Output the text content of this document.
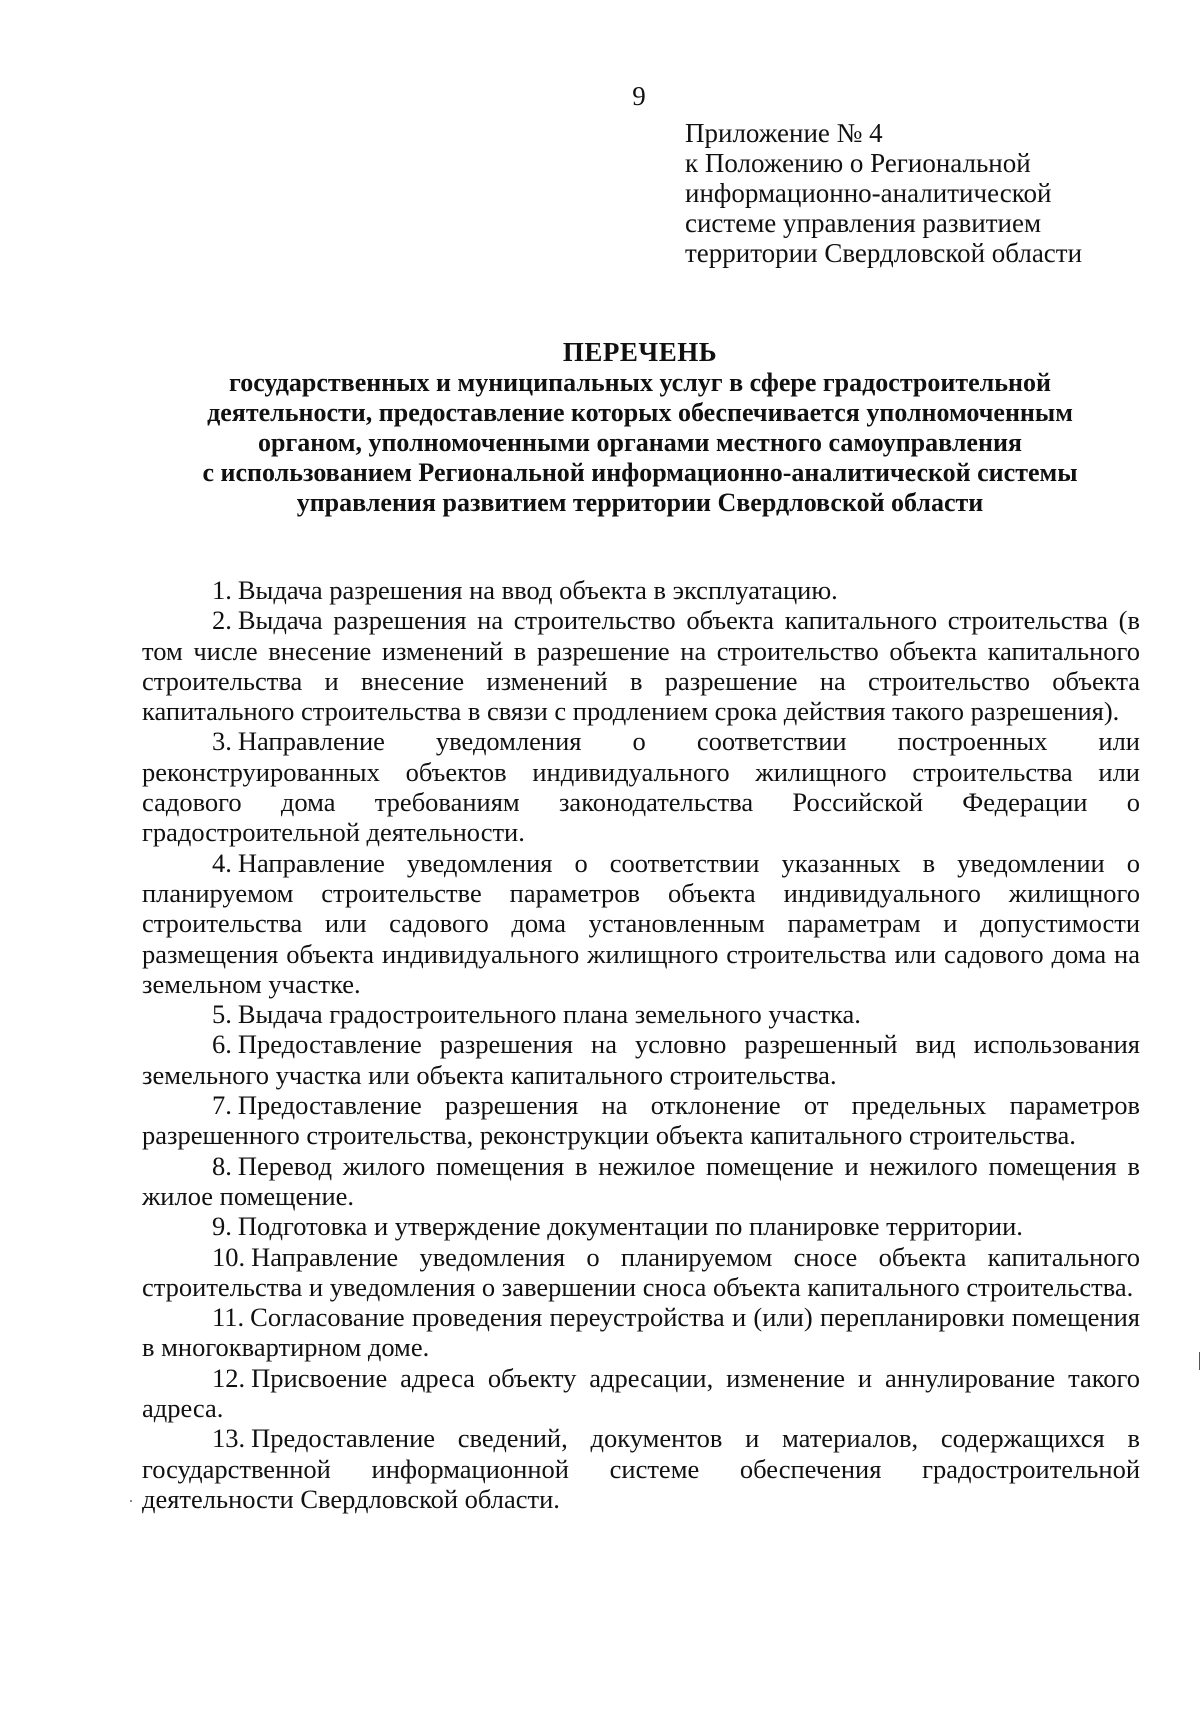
9
Приложение № 4
к Положению о Региональной
информационно-аналитической
системе управления развитием
территории Свердловской области
ПЕРЕЧЕНЬ
государственных и муниципальных услуг в сфере градостроительной
деятельности, предоставление которых обеспечивается уполномоченным
органом, уполномоченными органами местного самоуправления
с использованием Региональной информационно-аналитической системы
управления развитием территории Свердловской области

1. Выдача разрешения на ввод объекта в эксплуатацию.

2. Выдача разрешения на строительство объекта капитального строительства (в том числе внесение изменений в разрешение на строительство объекта капитального строительства и внесение изменений в разрешение на строительство объекта капитального строительства в связи с продлением срока действия такого разрешения).

3. Направление уведомления о соответствии построенных или реконструированных объектов индивидуального жилищного строительства или садового дома требованиям законодательства Российской Федерации о градостроительной деятельности.

4. Направление уведомления о соответствии указанных в уведомлении о планируемом строительстве параметров объекта индивидуального жилищного строительства или садового дома установленным параметрам и допустимости размещения объекта индивидуального жилищного строительства или садового дома на земельном участке.

5. Выдача градостроительного плана земельного участка.

6. Предоставление разрешения на условно разрешенный вид использования земельного участка или объекта капитального строительства.

7. Предоставление разрешения на отклонение от предельных параметров разрешенного строительства, реконструкции объекта капитального строительства.

8. Перевод жилого помещения в нежилое помещение и нежилого помещения в жилое помещение.

9. Подготовка и утверждение документации по планировке территории.

10. Направление уведомления о планируемом сносе объекта капитального строительства и уведомления о завершении сноса объекта капитального строительства.

11. Согласование проведения переустройства и (или) перепланировки помещения в многоквартирном доме.

12. Присвоение адреса объекту адресации, изменение и аннулирование такого адреса.

13. Предоставление сведений, документов и материалов, содержащихся в государственной информационной системе обеспечения градостроительной деятельности Свердловской области.
